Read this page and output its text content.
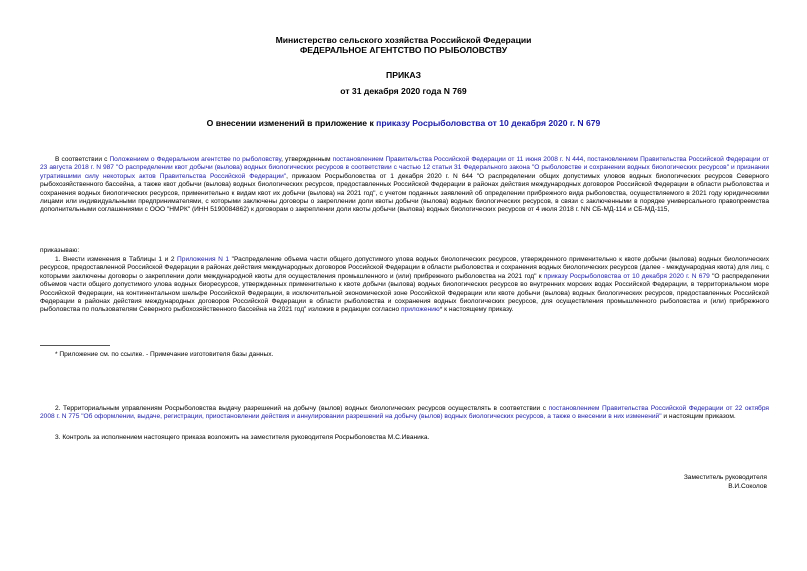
Министерство сельского хозяйства Российской Федерации
ФЕДЕРАЛЬНОЕ АГЕНТСТВО ПО РЫБОЛОВСТВУ
ПРИКАЗ
от 31 декабря 2020 года N 769
О внесении изменений в приложение к приказу Росрыболовства от 10 декабря 2020 г. N 679

В соответствии с Положением о Федеральном агентстве по рыболовству, утвержденным постановлением Правительства Российской Федерации от 11 июня 2008 г. N 444, постановлением Правительства Российской Федерации от 23 августа 2018 г. N 987 "О распределении квот добычи (вылова) водных биологических ресурсов в соответствии с частью 12 статьи 31 Федерального закона "О рыболовстве и сохранении водных биологических ресурсов" и признании утратившими силу некоторых актов Правительства Российской Федерации", приказом Росрыболовства от 1 декабря 2020 г. N 644 "О распределении общих допустимых уловов водных биологических ресурсов Северного рыбохозяйственного бассейна, а также квот добычи (вылова) водных биологических ресурсов, предоставленных Российской Федерации в районах действия международных договоров Российской Федерации в области рыболовства и сохранения водных биологических ресурсов, применительно к видам квот их добычи (вылова) на 2021 год", с учетом поданных заявлений об определении прибрежного вида рыболовства, осуществляемого в 2021 году юридическими лицами или индивидуальными предпринимателями, с которыми заключены договоры о закреплении доли квоты добычи (вылова) водных биологических ресурсов, в связи с заключенными в порядке универсального правопреемства дополнительными соглашениями с ООО "НМРК" (ИНН 5190084862) к договорам о закреплении доли квоты добычи (вылова) водных биологических ресурсов от 4 июля 2018 г. NN СБ-МД-114 и СБ-МД-115,

приказываю:

1. Внести изменения в Таблицы 1 и 2 Приложения N 1 "Распределение объема части общего допустимого улова водных биологических ресурсов, утвержденного применительно к квоте добычи (вылова) водных биологических ресурсов, предоставленной Российской Федерации в районах действия международных договоров Российской Федерации в области рыболовства и сохранения водных биологических ресурсов (далее - международная квота) для лиц, с которыми заключены договоры о закреплении доли международной квоты для осуществления промышленного и (или) прибрежного рыболовства на 2021 год" к приказу Росрыболовства от 10 декабря 2020 г. N 679 "О распределении объемов части общего допустимого улова водных биоресурсов, утвержденных применительно к квоте добычи (вылова) водных биологических ресурсов во внутренних морских водах Российской Федерации, в территориальном море Российской Федерации, на континентальном шельфе Российской Федерации, в исключительной экономической зоне Российской Федерации или квоте добычи (вылова) водных биологических ресурсов, предоставленных Российской Федерации в районах действия международных договоров Российской Федерации в области рыболовства и сохранения водных биологических ресурсов, для осуществления промышленного рыболовства и (или) прибрежного рыболовства по пользователям Северного рыбохозяйственного бассейна на 2021 год" изложив в редакции согласно приложению* к настоящему приказу.

* Приложение см. по ссылке. - Примечание изготовителя базы данных.

2. Территориальным управлениям Росрыболовства выдачу разрешений на добычу (вылов) водных биологических ресурсов осуществлять в соответствии с постановлением Правительства Российской Федерации от 22 октября 2008 г. N 775 "Об оформлении, выдаче, регистрации, приостановлении действия и аннулировании разрешений на добычу (вылов) водных биологических ресурсов, а также о внесении в них изменений" и настоящим приказом.

3. Контроль за исполнением настоящего приказа возложить на заместителя руководителя Росрыболовства М.С.Иваника.
Заместитель руководителя
В.И.Соколов
